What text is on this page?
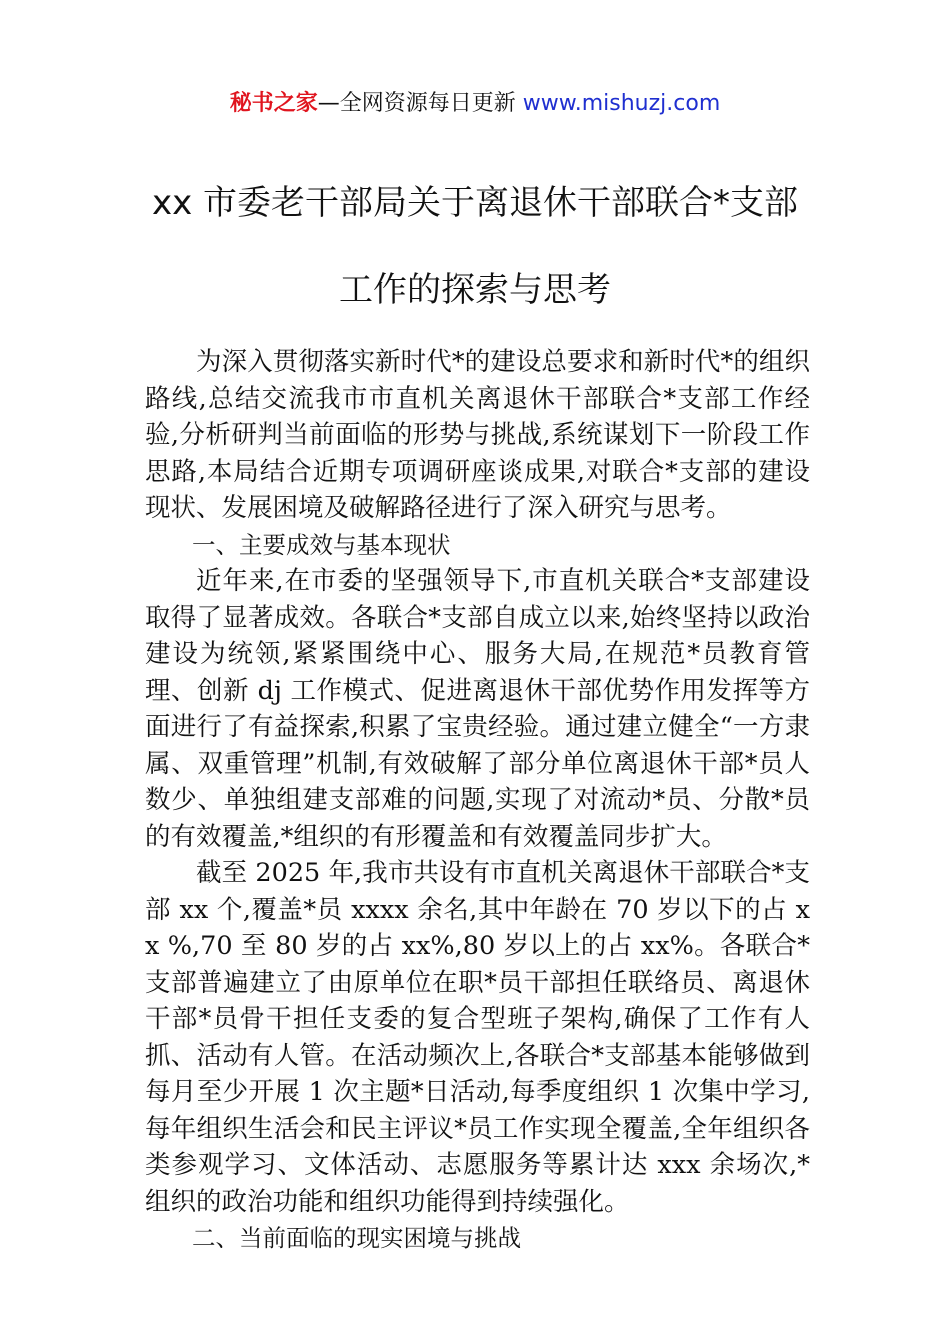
秘书之家—全网资源每日更新 www.mishuzj.com
xx 市委老干部局关于离退休干部联合*支部
工作的探索与思考

为深入贯彻落实新时代*的建设总要求和新时代*的组织路线,总结交流我市市直机关离退休干部联合*支部工作经验,分析研判当前面临的形势与挑战,系统谋划下一阶段工作思路,本局结合近期专项调研座谈成果,对联合*支部的建设现状、发展困境及破解路径进行了深入研究与思考。

一、主要成效与基本现状

近年来,在市委的坚强领导下,市直机关联合*支部建设取得了显著成效。各联合*支部自成立以来,始终坚持以政治建设为统领,紧紧围绕中心、服务大局,在规范*员教育管理、创新 dj 工作模式、促进离退休干部优势作用发挥等方面进行了有益探索,积累了宝贵经验。通过建立健全“一方隶属、双重管理”机制,有效破解了部分单位离退休干部*员人数少、单独组建支部难的问题,实现了对流动*员、分散*员的有效覆盖,*组织的有形覆盖和有效覆盖同步扩大。

截至 2025 年,我市共设有市直机关离退休干部联合*支部 xx 个,覆盖*员 xxxx 余名,其中年龄在 70 岁以下的占 xx %,70 至 80 岁的占 xx%,80 岁以上的占 xx%。各联合*支部普遍建立了由原单位在职*员干部担任联络员、离退休干部*员骨干担任支委的复合型班子架构,确保了工作有人抓、活动有人管。在活动频次上,各联合*支部基本能够做到每月至少开展 1 次主题*日活动,每季度组织 1 次集中学习,每年组织生活会和民主评议*员工作实现全覆盖,全年组织各类参观学习、文体活动、志愿服务等累计达 xxx 余场次,*组织的政治功能和组织功能得到持续强化。

二、当前面临的现实困境与挑战
